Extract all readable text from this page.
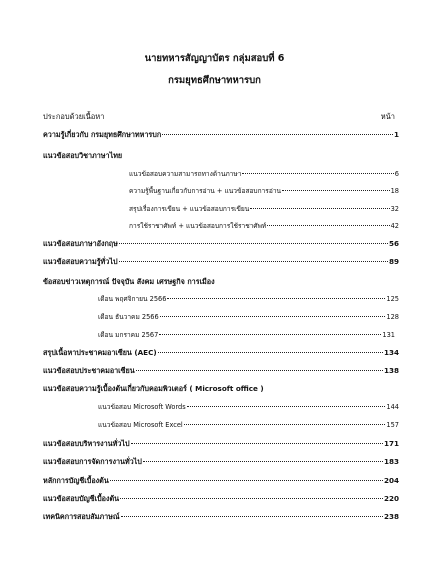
นายทหารสัญญาบัตร กลุ่มสอบที่ 6
กรมยุทธศึกษาทหารบก
ประกอบด้วยเนื้อหา	หน้า
ความรู้เกี่ยวกับ กรมยุทธศึกษาทหารบก	1
แนวข้อสอบวิชาภาษาไทย
แนวข้อสอบความสามารถทางด้านภาษา	6
ความรู้พื้นฐานเกี่ยวกับการอ่าน + แนวข้อสอบการอ่าน	18
สรุปเรื่องการเขียน + แนวข้อสอบการเขียน	32
การใช้ราชาศัพท์ + แนวข้อสอบการใช้ราชาศัพท์	42
แนวข้อสอบภาษาอังกฤษ	56
แนวข้อสอบความรู้ทั่วไป	89
ข้อสอบข่าวเหตุการณ์ ปัจจุบัน สังคม เศรษฐกิจ การเมือง
เดือน พฤศจิกายน 2566	125
เดือน ธันวาคม 2566	128
เดือน มกราคม 2567	131
สรุปเนื้อหาประชาคมอาเซียน (AEC)	134
แนวข้อสอบประชาคมอาเซียน	138
แนวข้อสอบความรู้เบื้องต้นเกี่ยวกับคอมพิวเตอร์ ( Microsoft office )
แนวข้อสอบ Microsoft Words	144
แนวข้อสอบ Microsoft Excel	157
แนวข้อสอบบริหารงานทั่วไป	171
แนวข้อสอบการจัดการงานทั่วไป	183
หลักการบัญชีเบื้องต้น	204
แนวข้อสอบบัญชีเบื้องต้น	220
เทคนิคการสอบสัมภาษณ์	238
